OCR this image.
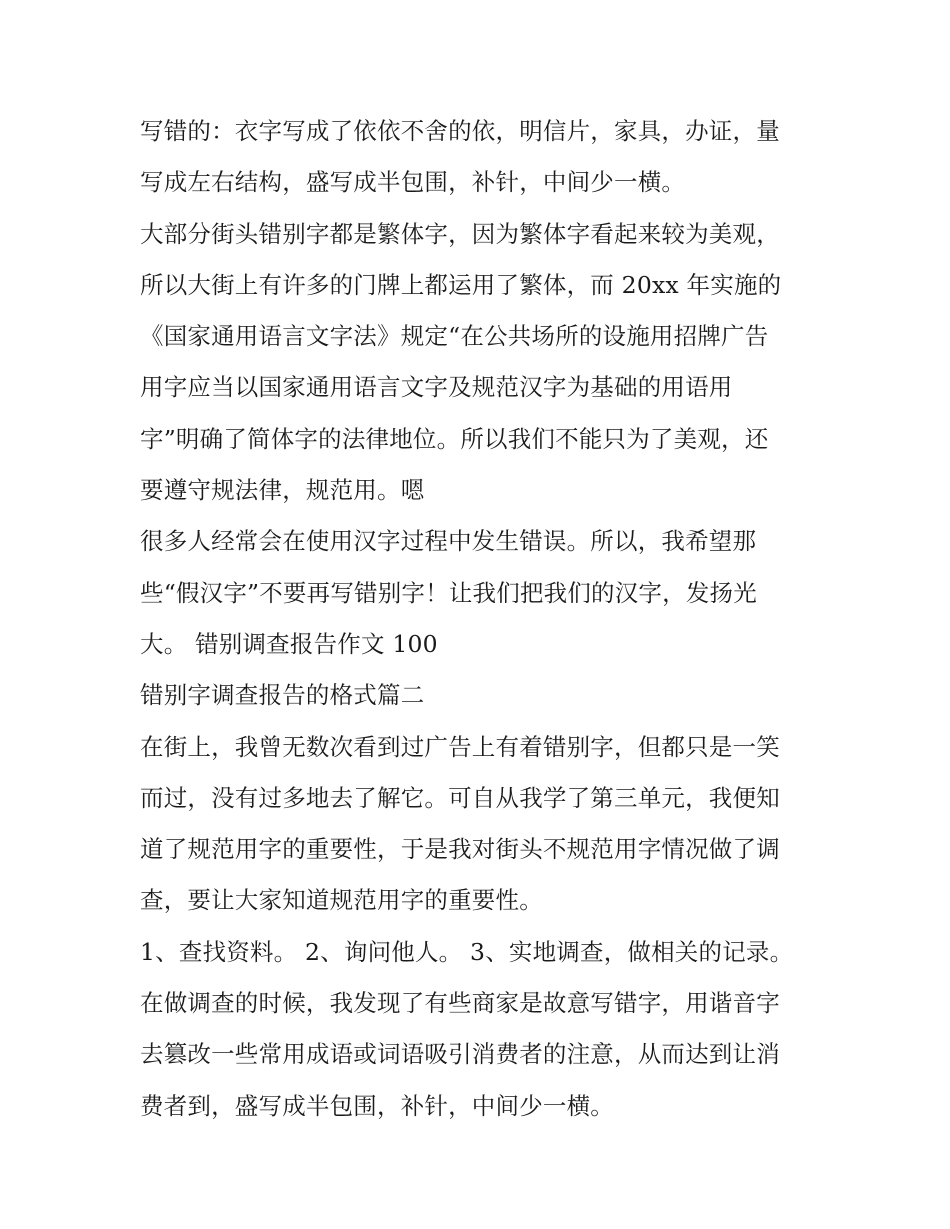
写错的：衣字写成了依依不舍的依，明信片，家具，办证，量
写成左右结构，盛写成半包围，补针，中间少一横。
大部分街头错别字都是繁体字，因为繁体字看起来较为美观，
所以大街上有许多的门牌上都运用了繁体，而 20xx 年实施的
《国家通用语言文字法》规定“在公共场所的设施用招牌广告
用字应当以国家通用语言文字及规范汉字为基础的用语用
字”明确了简体字的法律地位。所以我们不能只为了美观，还
要遵守规法律，规范用。嗯
很多人经常会在使用汉字过程中发生错误。所以，我希望那
些“假汉字”不要再写错别字！让我们把我们的汉字，发扬光
大。 错别调查报告作文 100
错别字调查报告的格式篇二
在街上，我曾无数次看到过广告上有着错别字，但都只是一笑
而过，没有过多地去了解它。可自从我学了第三单元，我便知
道了规范用字的重要性，于是我对街头不规范用字情况做了调
查，要让大家知道规范用字的重要性。
1、查找资料。 2、询问他人。 3、实地调查，做相关的记录。
在做调查的时候，我发现了有些商家是故意写错字，用谐音字
去篡改一些常用成语或词语吸引消费者的注意，从而达到让消
费者到，盛写成半包围，补针，中间少一横。
